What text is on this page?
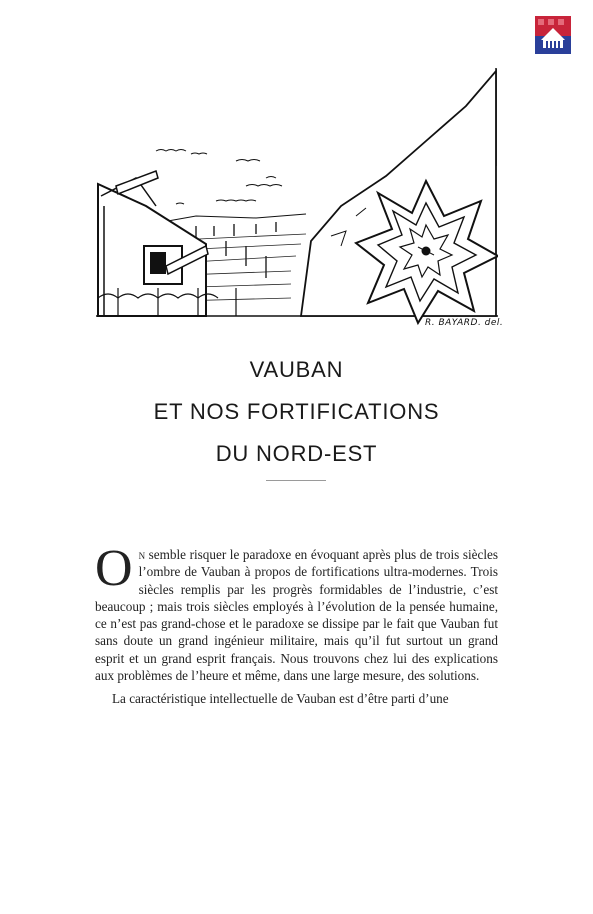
R. BAYARD. del.
VAUBAN
ET NOS FORTIFICATIONS
DU NORD-EST

On semble risquer le paradoxe en évoquant après plus de trois siècles l’ombre de Vauban à propos de fortifications ultra-modernes. Trois siècles remplis par les progrès formidables de l’industrie, c’est beaucoup ; mais trois siècles employés à l’évolution de la pensée humaine, ce n’est pas grand-chose et le paradoxe se dissipe par le fait que Vauban fut sans doute un grand ingénieur militaire, mais qu’il fut surtout un grand esprit et un grand esprit français. Nous trouvons chez lui des explications aux problèmes de l’heure et même, dans une large mesure, des solutions.

La caractéristique intellectuelle de Vauban est d’être parti d’une
